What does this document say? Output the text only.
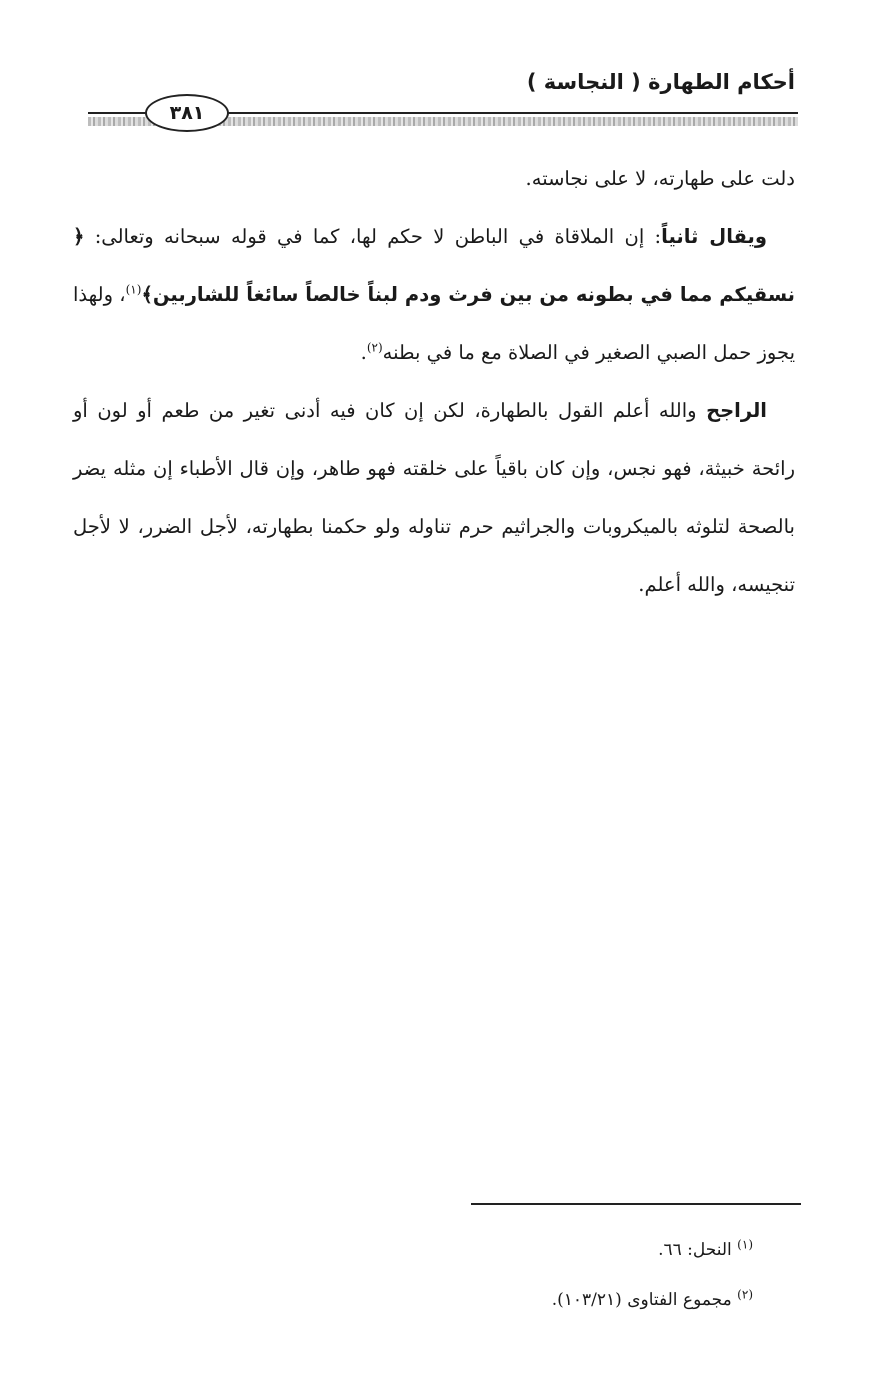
أحكام الطهارة ( النجاسة )
٣٨١

دلت على طهارته، لا على نجاسته.

ويقال ثانياً: إن الملاقاة في الباطن لا حكم لها، كما في قوله سبحانه وتعالى: ﴿ نسقيكم مما في بطونه من بين فرث ودم لبناً خالصاً سائغاً للشاربين﴾$^{(١)}$، ولهذا يجوز حمل الصبي الصغير في الصلاة مع ما في بطنه$^{(٢)}$.

الراجح والله أعلم القول بالطهارة، لكن إن كان فيه أدنى تغير من طعم أو لون أو رائحة خبيثة، فهو نجس، وإن كان باقياً على خلقته فهو طاهر، وإن قال الأطباء إن مثله يضر بالصحة لتلوثه بالميكروبات والجراثيم حرم تناوله ولو حكمنا بطهارته، لأجل الضرر، لا لأجل تنجيسه، والله أعلم.

$^{(١)}$ النحل: ٦٦.

$^{(٢)}$ مجموع الفتاوى (١٠٣/٢١).
